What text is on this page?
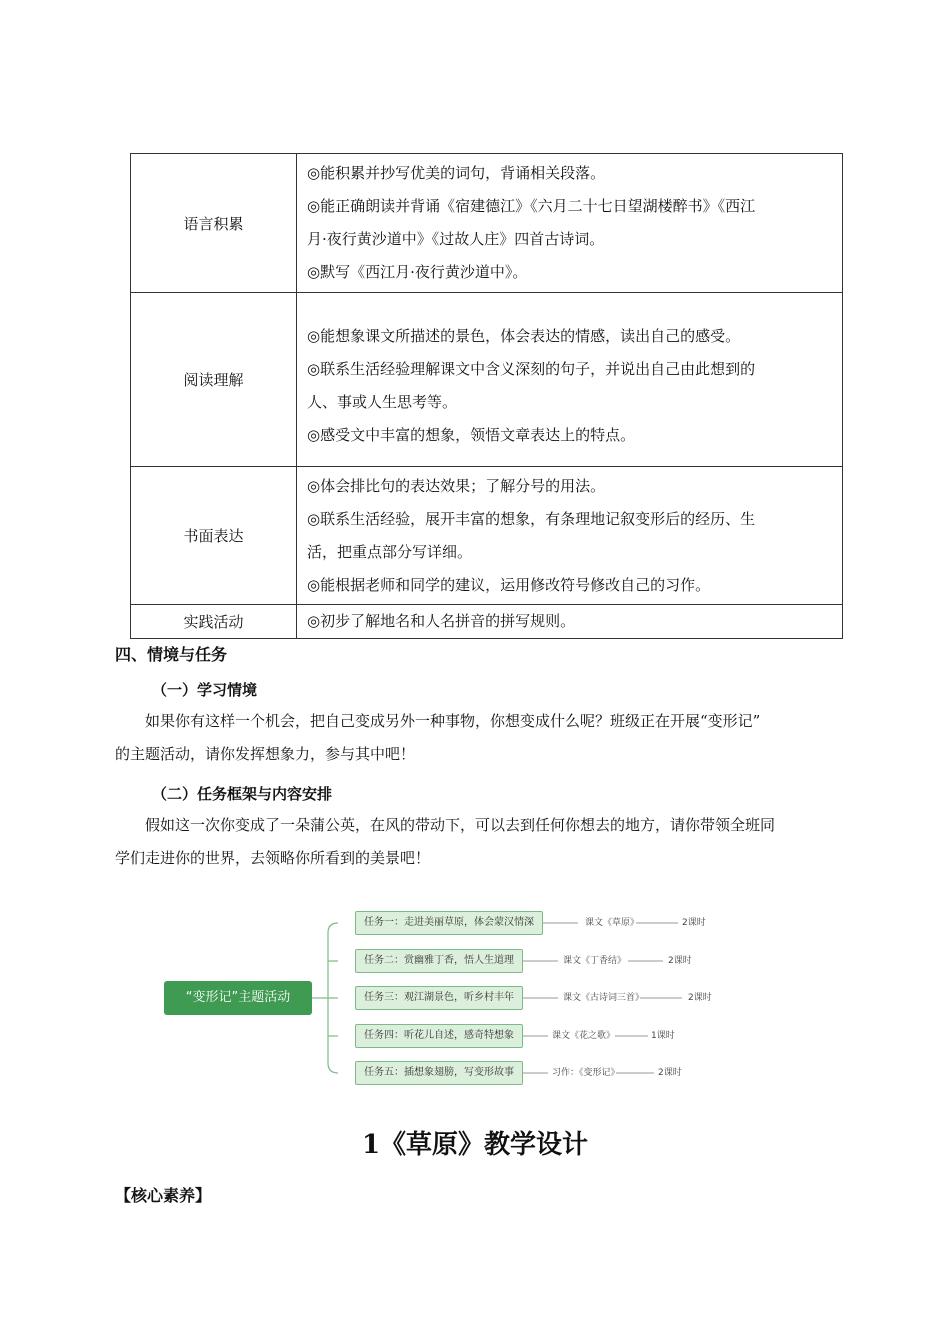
语言积累	◎能积累并抄写优美的词句，背诵相关段落。
◎能正确朗读并背诵《宿建德江》《六月二十七日望湖楼醉书》《西江
月·夜行黄沙道中》《过故人庄》四首古诗词。
◎默写《西江月·夜行黄沙道中》。

阅读理解	◎能想象课文所描述的景色，体会表达的情感，读出自己的感受。
◎联系生活经验理解课文中含义深刻的句子，并说出自己由此想到的
人、事或人生思考等。
◎感受文中丰富的想象，领悟文章表达上的特点。

书面表达	◎体会排比句的表达效果；了解分号的用法。
◎联系生活经验，展开丰富的想象，有条理地记叙变形后的经历、生
活，把重点部分写详细。
◎能根据老师和同学的建议，运用修改符号修改自己的习作。

实践活动	◎初步了解地名和人名拼音的拼写规则。
四、情境与任务
（一）学习情境
如果你有这样一个机会，把自己变成另外一种事物，你想变成什么呢？班级正在开展“变形记”
的主题活动，请你发挥想象力，参与其中吧！
（二）任务框架与内容安排
假如这一次你变成了一朵蒲公英，在风的带动下，可以去到任何你想去的地方，请你带领全班同
学们走进你的世界，去领略你所看到的美景吧！
“变形记”主题活动
任务一：走进美丽草原，体会蒙汉情深	课文《草原》	2课时
任务二：赏幽雅丁香，悟人生道理	课文《丁香结》	2课时
任务三：观江湖景色，听乡村丰年	课文《古诗词三首》	2课时
任务四：听花儿自述，感奇特想象	课文《花之歌》	1课时
任务五：插想象翅膀，写变形故事	习作：《变形记》	2课时
1《草原》教学设计
【核心素养】
